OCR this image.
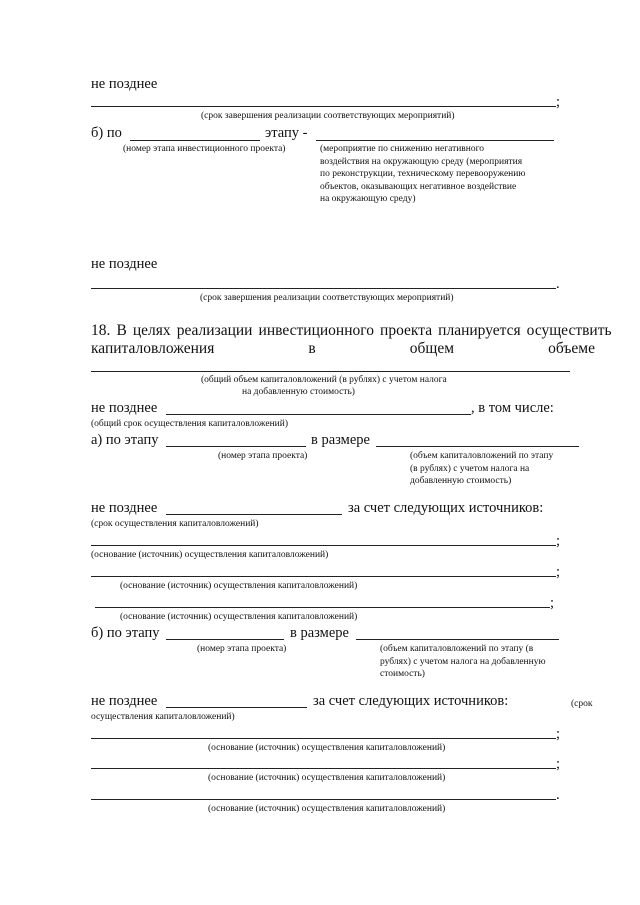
не позднее
;
(срок завершения реализации соответствующих мероприятий)
б) по	этапу -
(номер этапа инвестиционного проекта)	(мероприятие по снижению негативного
воздействия на окружающую среду (мероприятия
по реконструкции, техническому перевооружению
объектов, оказывающих негативное воздействие
на окружающую среду)
не позднее
.
(срок завершения реализации соответствующих мероприятий)
18. В целях реализации инвестиционного проекта планируется осуществить
капиталовложения	в	общем	объеме
(общий объем капиталовложений (в рублях) с учетом налога
на добавленную стоимость)
не позднее	, в том числе:
(общий срок осуществления капиталовложений)
а) по этапу	в размере
(номер этапа проекта)	(объем капиталовложений по этапу
(в рублях) с учетом налога на
добавленную стоимость)
не позднее	за счет следующих источников:
(срок осуществления капиталовложений)
;
(основание (источник) осуществления капиталовложений)
;
(основание (источник) осуществления капиталовложений)
;
(основание (источник) осуществления капиталовложений)
б) по этапу	в размере
(номер этапа проекта)	(объем капиталовложений по этапу (в
рублях) с учетом налога на добавленную
стоимость)
не позднее	за счет следующих источников:	(срок
осуществления капиталовложений)
;
(основание (источник) осуществления капиталовложений)
;
(основание (источник) осуществления капиталовложений)
.
(основание (источник) осуществления капиталовложений)
